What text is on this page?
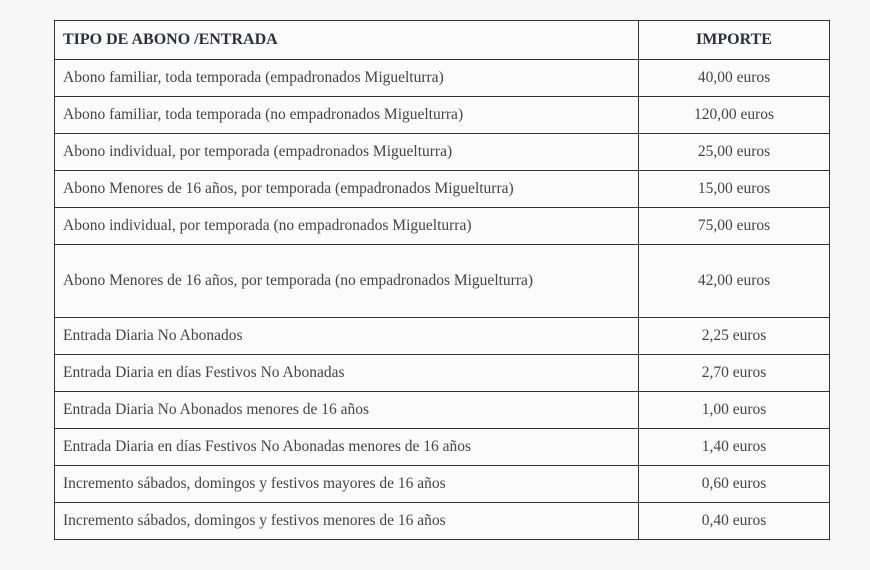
TIPO DE ABONO /ENTRADA	IMPORTE
Abono familiar, toda temporada (empadronados Miguelturra)	40,00 euros
Abono familiar, toda temporada (no empadronados Miguelturra)	120,00 euros
Abono individual, por temporada (empadronados Miguelturra)	25,00 euros
Abono Menores de 16 años, por temporada (empadronados Miguelturra)	15,00 euros
Abono individual, por temporada (no empadronados Miguelturra)	75,00 euros
Abono Menores de 16 años, por temporada (no empadronados Miguelturra)	42,00 euros
Entrada Diaria No Abonados	2,25 euros
Entrada Diaria en días Festivos No Abonadas	2,70 euros
Entrada Diaria No Abonados menores de 16 años	1,00 euros
Entrada Diaria en días Festivos No Abonadas menores de 16 años	1,40 euros
Incremento sábados, domingos y festivos mayores de 16 años	0,60 euros
Incremento sábados, domingos y festivos menores de 16 años	0,40 euros
